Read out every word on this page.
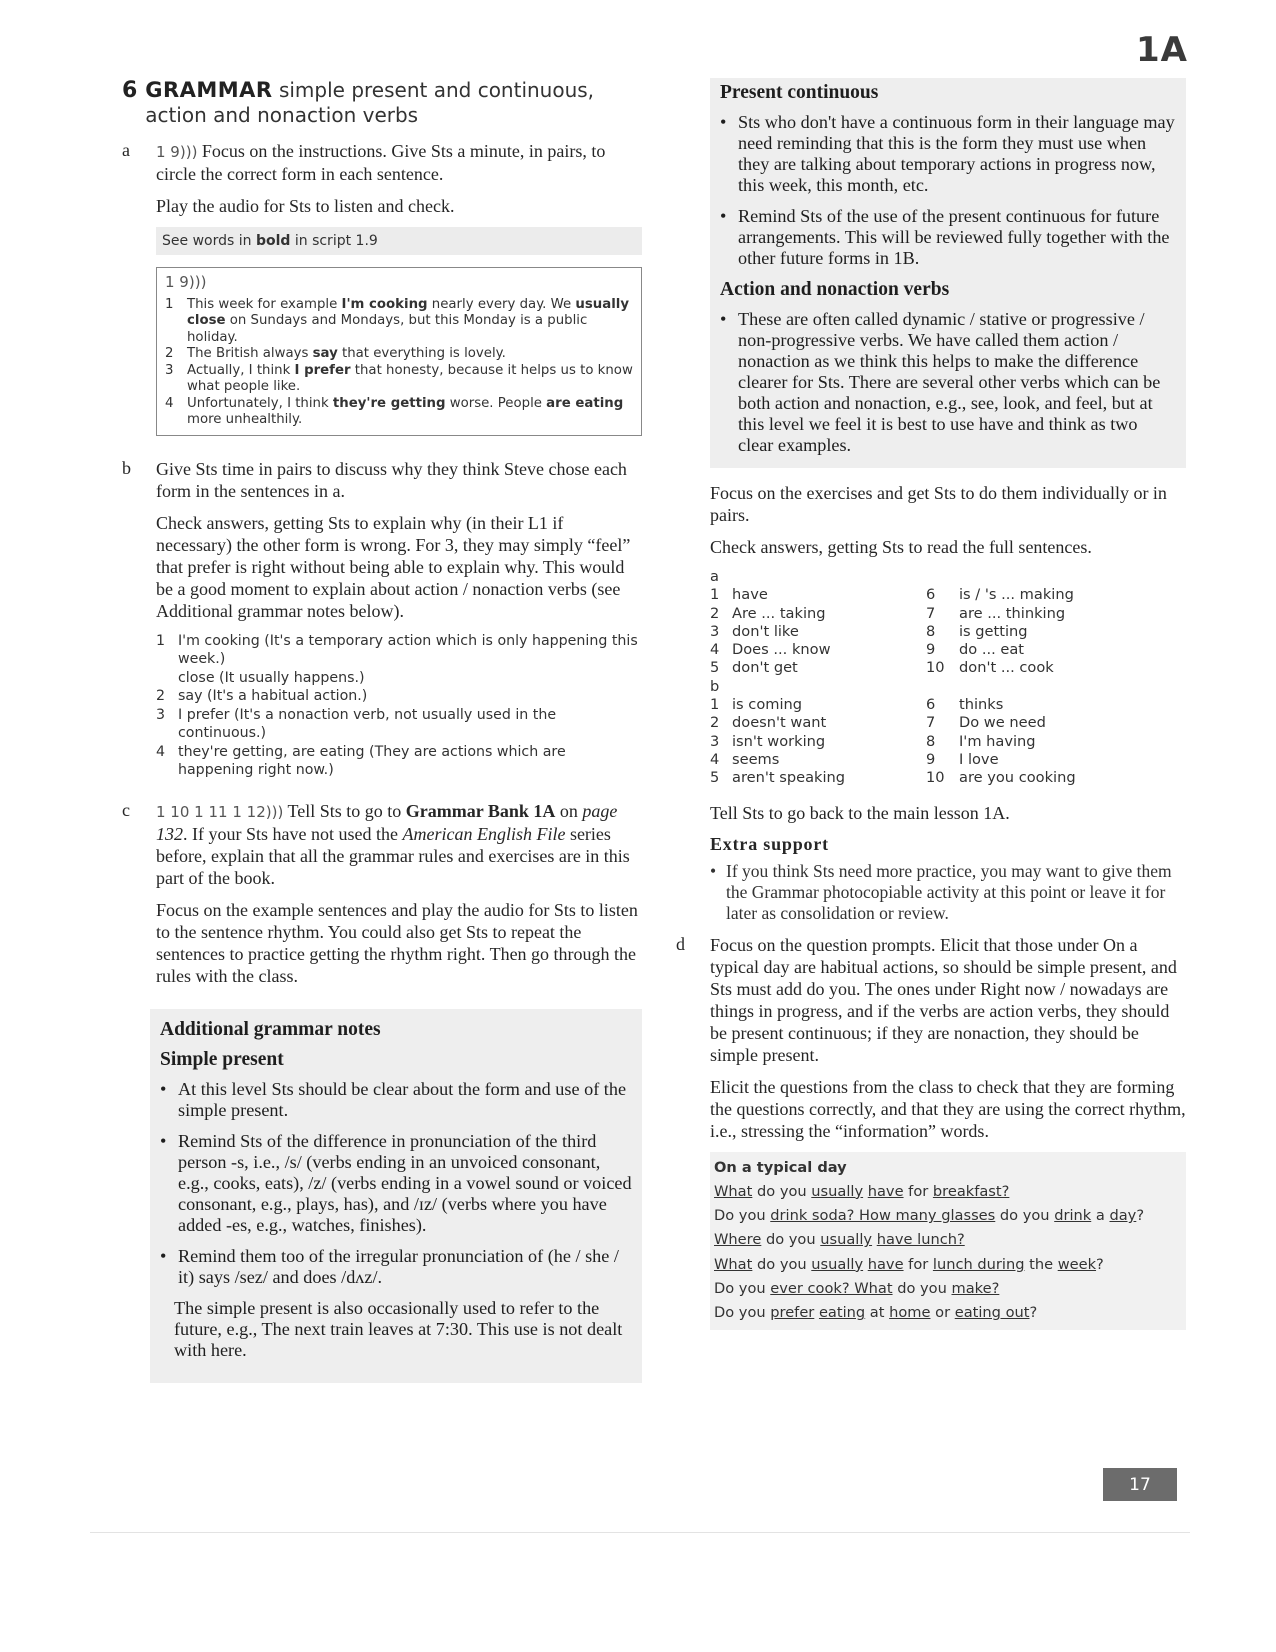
1A
6 GRAMMAR simple present and continuous, action and nonaction verbs
a	1 9))) Focus on the instructions. Give Sts a minute, in pairs, to circle the correct form in each sentence.

Play the audio for Sts to listen and check.

See words in bold in script 1.9
1 9)))
1	This week for example I'm cooking nearly every day. We usually close on Sundays and Mondays, but this Monday is a public holiday.
2	The British always say that everything is lovely.
3	Actually, I think I prefer that honesty, because it helps us to know what people like.
4	Unfortunately, I think they're getting worse. People are eating more unhealthily.
b	Give Sts time in pairs to discuss why they think Steve chose each form in the sentences in a.

Check answers, getting Sts to explain why (in their L1 if necessary) the other form is wrong. For 3, they may simply “feel” that prefer is right without being able to explain why. This would be a good moment to explain about action / nonaction verbs (see Additional grammar notes below).

1 I'm cooking (It's a temporary action which is only happening this week.)
close (It usually happens.)
2 say (It's a habitual action.)
3 I prefer (It's a nonaction verb, not usually used in the continuous.)
4 they're getting, are eating (They are actions which are happening right now.)
c	1 10 1 11 1 12))) Tell Sts to go to Grammar Bank 1A on page 132. If your Sts have not used the American English File series before, explain that all the grammar rules and exercises are in this part of the book.

Focus on the example sentences and play the audio for Sts to listen to the sentence rhythm. You could also get Sts to repeat the sentences to practice getting the rhythm right. Then go through the rules with the class.

Additional grammar notes
Simple present
• At this level Sts should be clear about the form and use of the simple present.
• Remind Sts of the difference in pronunciation of the third person -s, i.e., /s/ (verbs ending in an unvoiced consonant, e.g., cooks, eats), /z/ (verbs ending in a vowel sound or voiced consonant, e.g., plays, has), and /ɪz/ (verbs where you have added -es, e.g., watches, finishes).
• Remind them too of the irregular pronunciation of (he / she / it) says /sez/ and does /dʌz/.
The simple present is also occasionally used to refer to the future, e.g., The next train leaves at 7:30. This use is not dealt with here.
Present continuous
• Sts who don't have a continuous form in their language may need reminding that this is the form they must use when they are talking about temporary actions in progress now, this week, this month, etc.
• Remind Sts of the use of the present continuous for future arrangements. This will be reviewed fully together with the other future forms in 1B.
Action and nonaction verbs
• These are often called dynamic / stative or progressive / non-progressive verbs. We have called them action / nonaction as we think this helps to make the difference clearer for Sts. There are several other verbs which can be both action and nonaction, e.g., see, look, and feel, but at this level we feel it is best to use have and think as two clear examples.

Focus on the exercises and get Sts to do them individually or in pairs.

Check answers, getting Sts to read the full sentences.

a
1 have	6	is / 's ... making
2 Are ... taking	7	are ... thinking
3 don't like	8	is getting
4 Does ... know	9	do ... eat
5 don't get	10 don't ... cook
b
1 is coming	6	thinks
2 doesn't want	7	Do we need
3 isn't working	8	I'm having
4 seems	9	I love
5 aren't speaking	10 are you cooking

Tell Sts to go back to the main lesson 1A.

Extra support
• If you think Sts need more practice, you may want to give them the Grammar photocopiable activity at this point or leave it for later as consolidation or review.
d	Focus on the question prompts. Elicit that those under On a typical day are habitual actions, so should be simple present, and Sts must add do you. The ones under Right now / nowadays are things in progress, and if the verbs are action verbs, they should be present continuous; if they are nonaction, they should be simple present.

Elicit the questions from the class to check that they are forming the questions correctly, and that they are using the correct rhythm, i.e., stressing the “information” words.

On a typical day
What do you usually have for breakfast?
Do you drink soda? How many glasses do you drink a day?
Where do you usually have lunch?
What do you usually have for lunch during the week?
Do you ever cook? What do you make?
Do you prefer eating at home or eating out?
17
